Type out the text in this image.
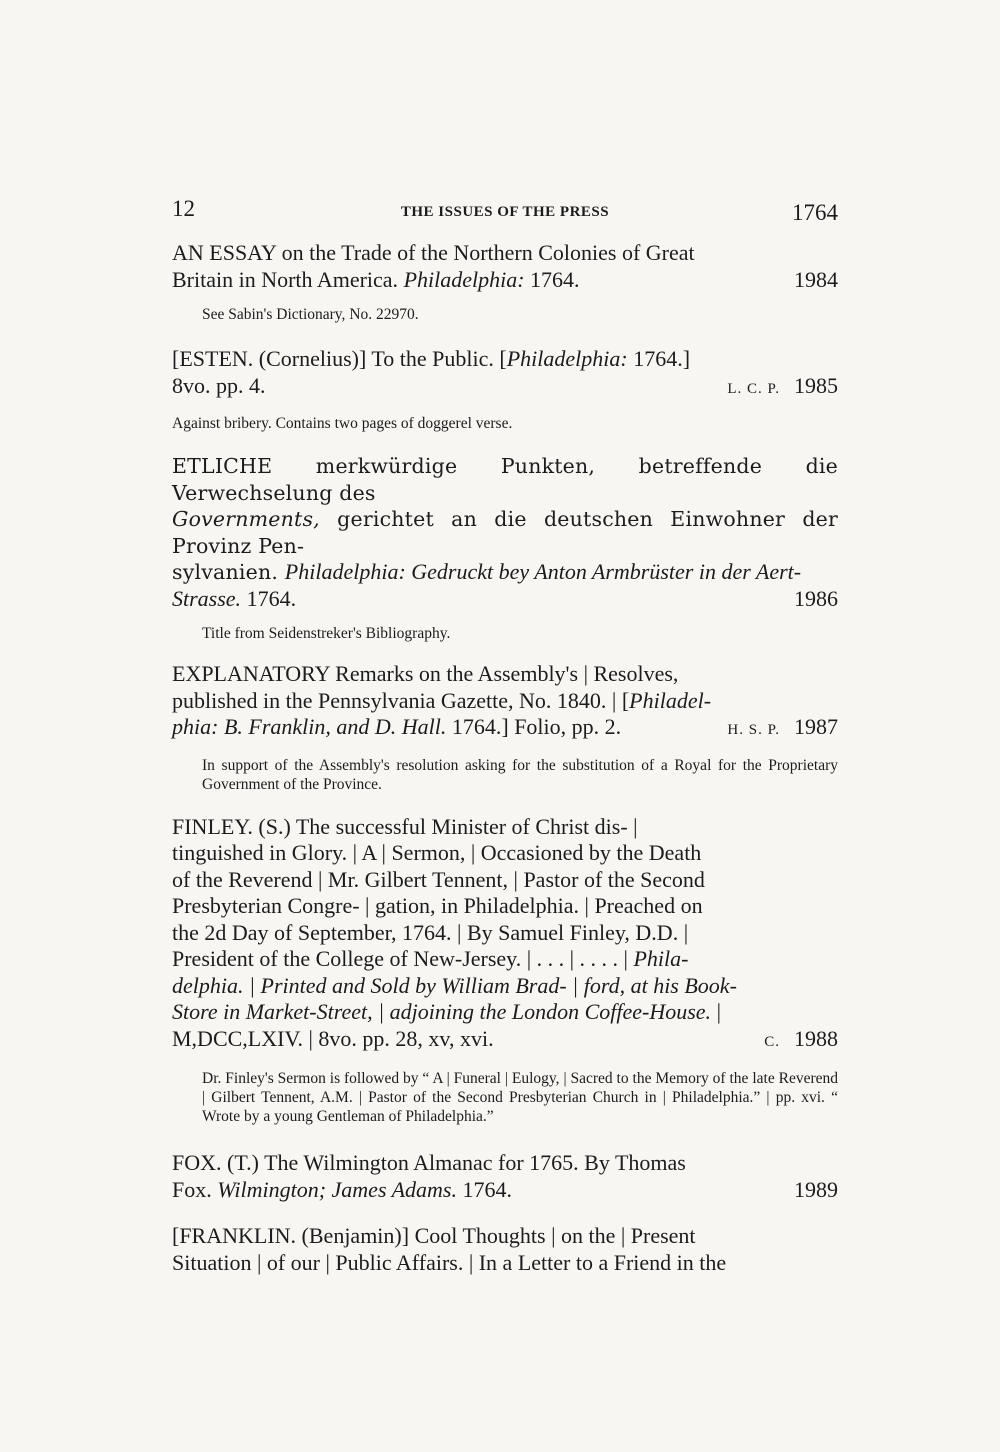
12	THE ISSUES OF THE PRESS	1764
AN ESSAY on the Trade of the Northern Colonies of Great
Britain in North America. Philadelphia: 1764.	1984

See Sabin's Dictionary, No. 22970.

[ESTEN. (Cornelius)] To the Public. [Philadelphia: 1764.]
8vo. pp. 4.	L. C. P. 1985

Against bribery. Contains two pages of doggerel verse.

ETLICHE merkwürdige Punkten, betreffende die Verwechselung des
Governments, gerichtet an die deutschen Einwohner der Provinz Pen-
sylvanien. Philadelphia: Gedruckt bey Anton Armbrüster in der Aert-
Strasse. 1764.	1986

Title from Seidenstreker's Bibliography.

EXPLANATORY Remarks on the Assembly's | Resolves,
published in the Pennsylvania Gazette, No. 1840. | [Philadel-
phia: B. Franklin, and D. Hall. 1764.] Folio, pp. 2.	H. S. P. 1987

In support of the Assembly's resolution asking for the substitution of a Royal for the Proprietary Government of the Province.

FINLEY. (S.) The successful Minister of Christ dis- |
tinguished in Glory. | A | Sermon, | Occasioned by the Death
of the Reverend | Mr. Gilbert Tennent, | Pastor of the Second
Presbyterian Congre- | gation, in Philadelphia. | Preached on
the 2d Day of September, 1764. | By Samuel Finley, D.D. |
President of the College of New-Jersey. | . . . | . . . . | Phila-
delphia. | Printed and Sold by William Brad- | ford, at his Book-
Store in Market-Street, | adjoining the London Coffee-House. |
M,DCC,LXIV. | 8vo. pp. 28, xv, xvi.	C. 1988

Dr. Finley's Sermon is followed by “ A | Funeral | Eulogy, | Sacred to the Memory of the late Reverend | Gilbert Tennent, A.M. | Pastor of the Second Presbyterian Church in | Philadelphia.” | pp. xvi. “ Wrote by a young Gentleman of Philadelphia.”

FOX. (T.) The Wilmington Almanac for 1765. By Thomas
Fox. Wilmington; James Adams. 1764.	1989
[FRANKLIN. (Benjamin)] Cool Thoughts | on the | Present
Situation | of our | Public Affairs. | In a Letter to a Friend in the
